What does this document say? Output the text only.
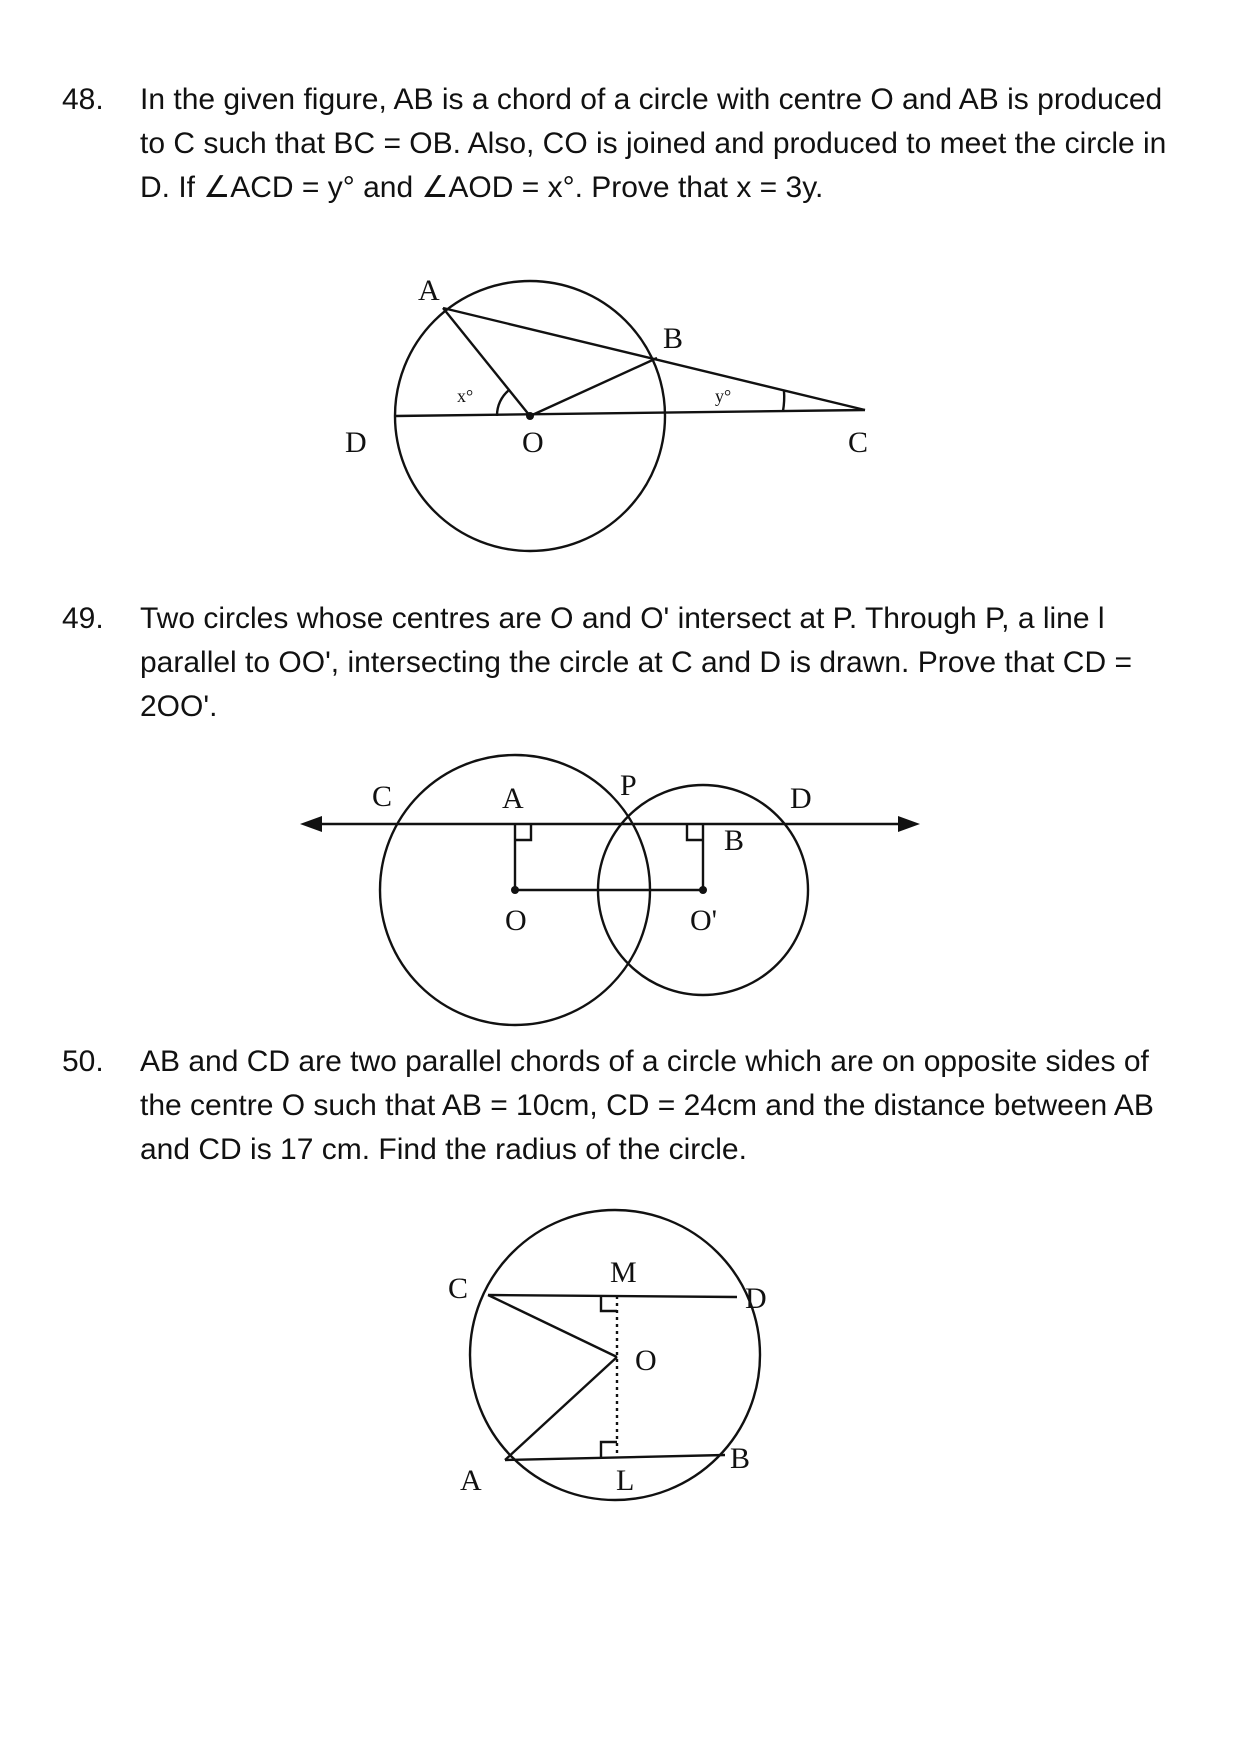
48. In the given figure, AB is a chord of a circle with centre O and AB is produced to C such that BC = OB. Also, CO is joined and produced to meet the circle in D. If ∠ACD = y° and ∠AOD = x°. Prove that x = 3y.

A
B
C
D	O
x°	y°
49. Two circles whose centres are O and O' intersect at P. Through P, a line l parallel to OO', intersecting the circle at C and D is drawn. Prove that CD = 2OO'.

C	A	P	D
B
O	O'
50. AB and CD are two parallel chords of a circle which are on opposite sides of the centre O such that AB = 10cm, CD = 24cm and the distance between AB and CD is 17 cm. Find the radius of the circle.

C	M
D
O
A	L
B
